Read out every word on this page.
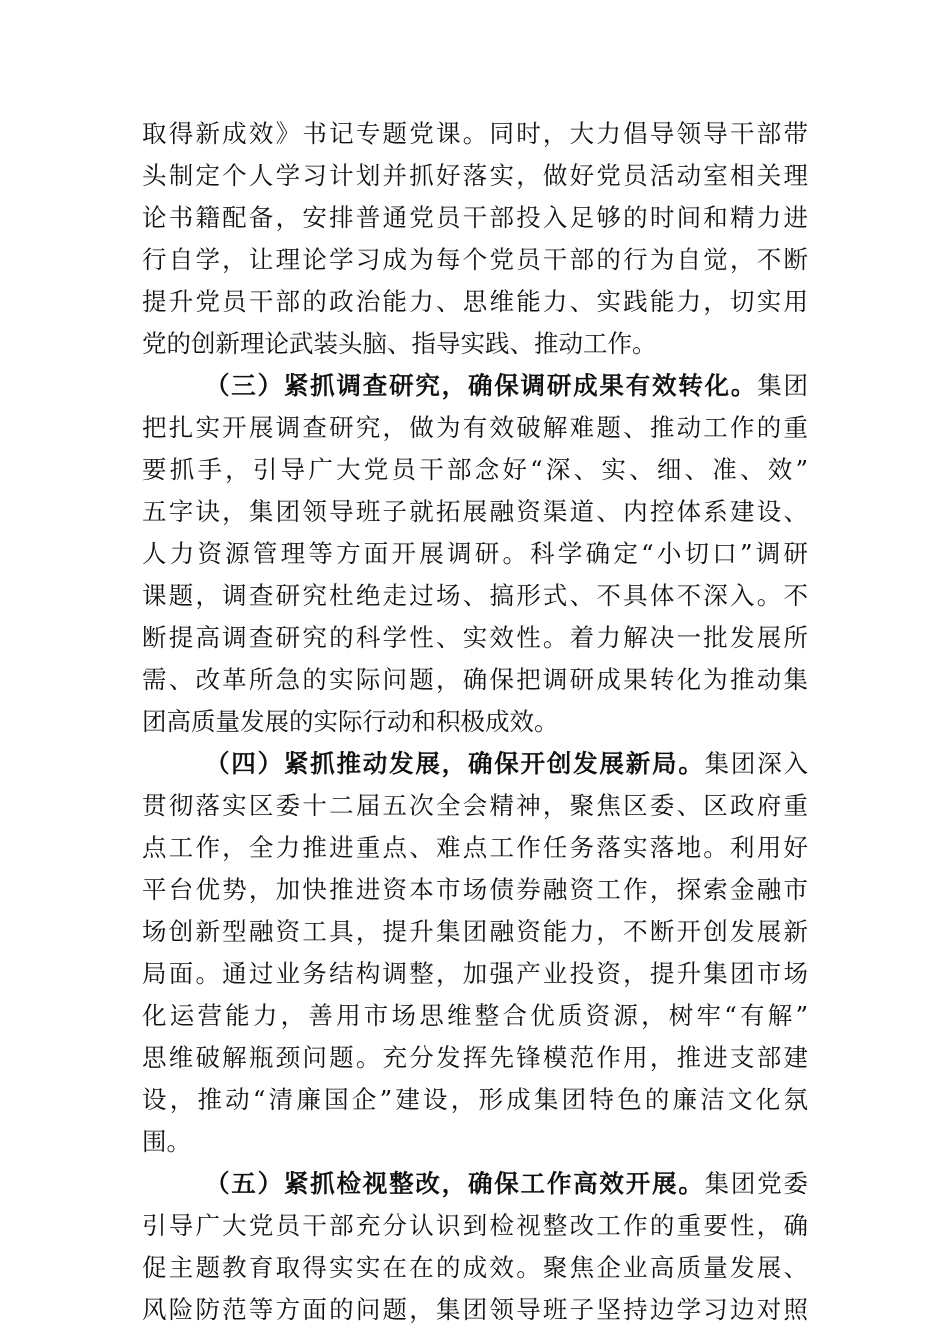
取得新成效》书记专题党课。同时，大力倡导领导干部带
头制定个人学习计划并抓好落实，做好党员活动室相关理
论书籍配备，安排普通党员干部投入足够的时间和精力进
行自学，让理论学习成为每个党员干部的行为自觉，不断
提升党员干部的政治能力、思维能力、实践能力，切实用
党的创新理论武装头脑、指导实践、推动工作。
（三）紧抓调查研究，确保调研成果有效转化。集团
把扎实开展调查研究，做为有效破解难题、推动工作的重
要抓手，引导广大党员干部念好“深、实、细、准、效”
五字诀，集团领导班子就拓展融资渠道、内控体系建设、
人力资源管理等方面开展调研。科学确定“小切口”调研
课题，调查研究杜绝走过场、搞形式、不具体不深入。不
断提高调查研究的科学性、实效性。着力解决一批发展所
需、改革所急的实际问题，确保把调研成果转化为推动集
团高质量发展的实际行动和积极成效。
（四）紧抓推动发展，确保开创发展新局。集团深入
贯彻落实区委十二届五次全会精神，聚焦区委、区政府重
点工作，全力推进重点、难点工作任务落实落地。利用好
平台优势，加快推进资本市场债券融资工作，探索金融市
场创新型融资工具，提升集团融资能力，不断开创发展新
局面。通过业务结构调整，加强产业投资，提升集团市场
化运营能力，善用市场思维整合优质资源，树牢“有解”
思维破解瓶颈问题。充分发挥先锋模范作用，推进支部建
设，推动“清廉国企”建设，形成集团特色的廉洁文化氛
围。
（五）紧抓检视整改，确保工作高效开展。集团党委
引导广大党员干部充分认识到检视整改工作的重要性，确
促主题教育取得实实在在的成效。聚焦企业高质量发展、
风险防范等方面的问题，集团领导班子坚持边学习边对照
